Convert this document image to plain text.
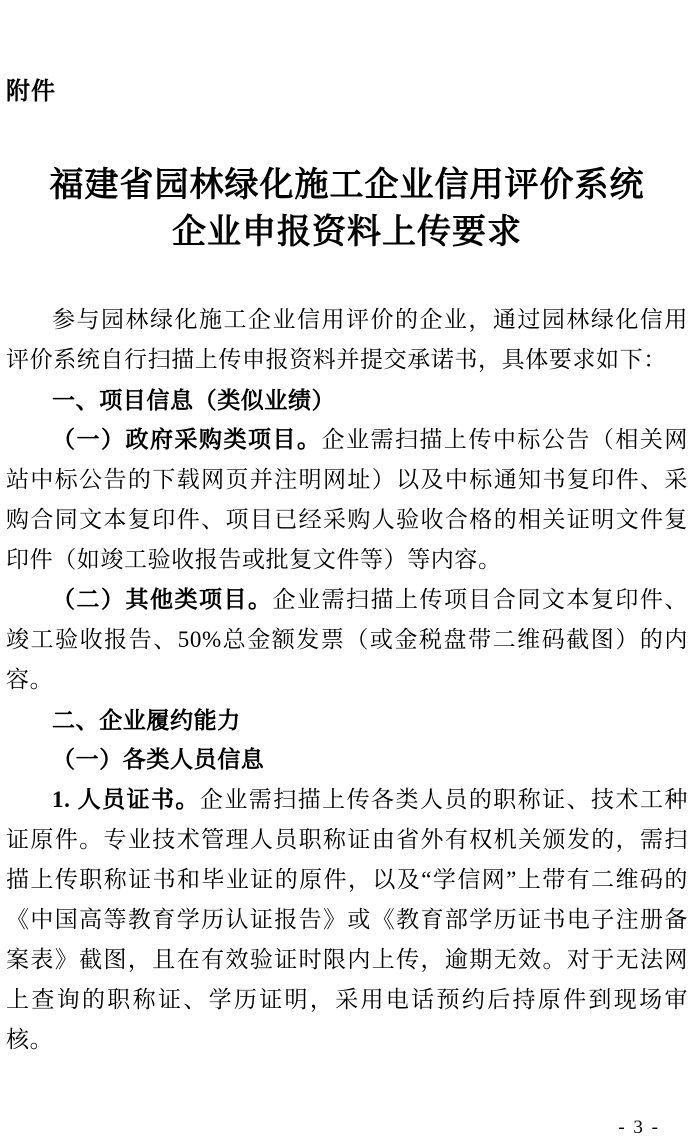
附件
福建省园林绿化施工企业信用评价系统
企业申报资料上传要求

参与园林绿化施工企业信用评价的企业，通过园林绿化信用评价系统自行扫描上传申报资料并提交承诺书，具体要求如下：

一、项目信息（类似业绩）

（一）政府采购类项目。企业需扫描上传中标公告（相关网站中标公告的下载网页并注明网址）以及中标通知书复印件、采购合同文本复印件、项目已经采购人验收合格的相关证明文件复印件（如竣工验收报告或批复文件等）等内容。

（二）其他类项目。企业需扫描上传项目合同文本复印件、竣工验收报告、50%总金额发票（或金税盘带二维码截图）的内容。

二、企业履约能力

（一）各类人员信息

1. 人员证书。企业需扫描上传各类人员的职称证、技术工种证原件。专业技术管理人员职称证由省外有权机关颁发的，需扫描上传职称证书和毕业证的原件，以及“学信网”上带有二维码的《中国高等教育学历认证报告》或《教育部学历证书电子注册备案表》截图，且在有效验证时限内上传，逾期无效。对于无法网上查询的职称证、学历证明，采用电话预约后持原件到现场审核。

- 3 -
